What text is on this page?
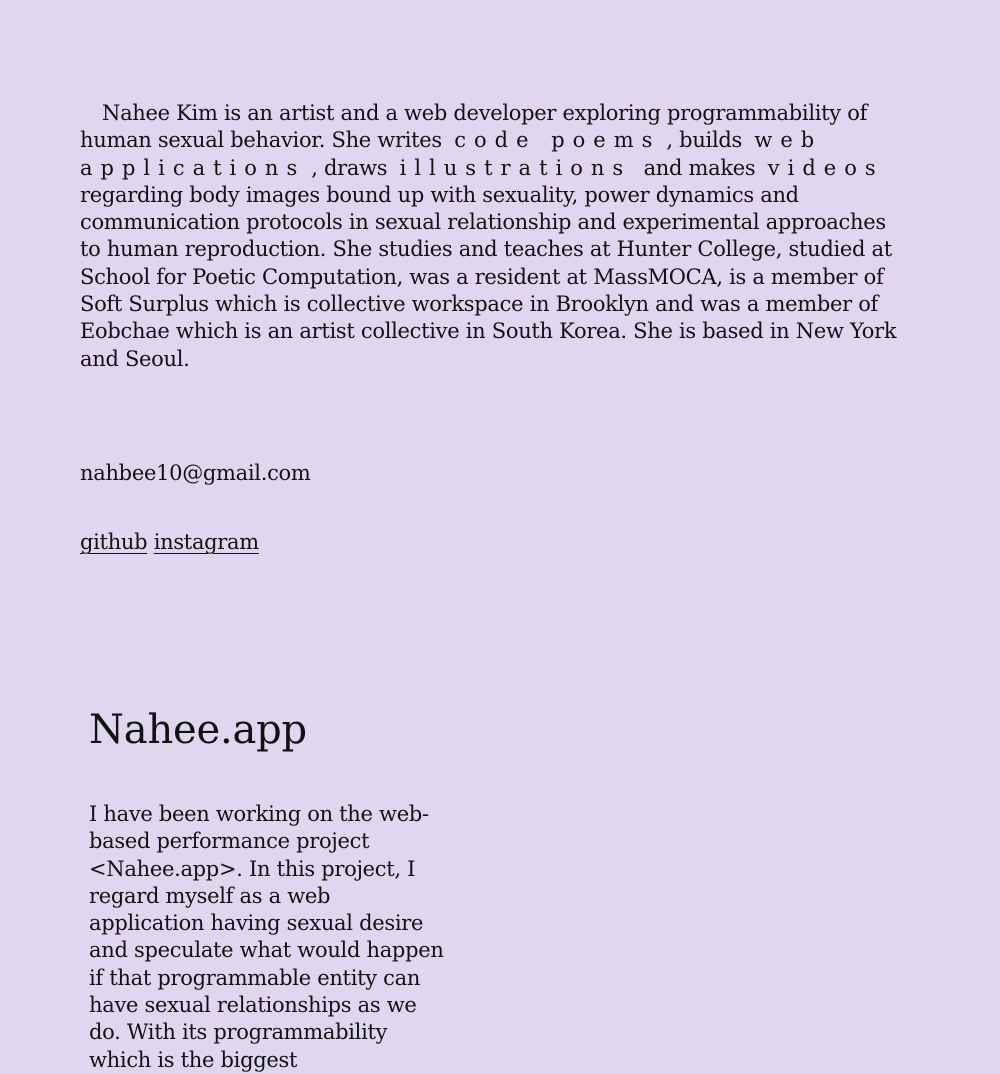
Nahee Kim is an artist and a web developer exploring programmability of human sexual behavior. She writes code poems , builds web applications , draws illustrations and makes videos regarding body images bound up with sexuality, power dynamics and communication protocols in sexual relationship and experimental approaches to human reproduction. She studies and teaches at Hunter College, studied at School for Poetic Computation, was a resident at MassMOCA, is a member of Soft Surplus which is collective workspace in Brooklyn and was a member of Eobchae which is an artist collective in South Korea. She is based in New York and Seoul.

nahbee10@gmail.com

github instagram

Nahee.app

I have been working on the web-based performance project <Nahee.app>. In this project, I regard myself as a web application having sexual desire and speculate what would happen if that programmable entity can have sexual relationships as we do. With its programmability which is the biggest
